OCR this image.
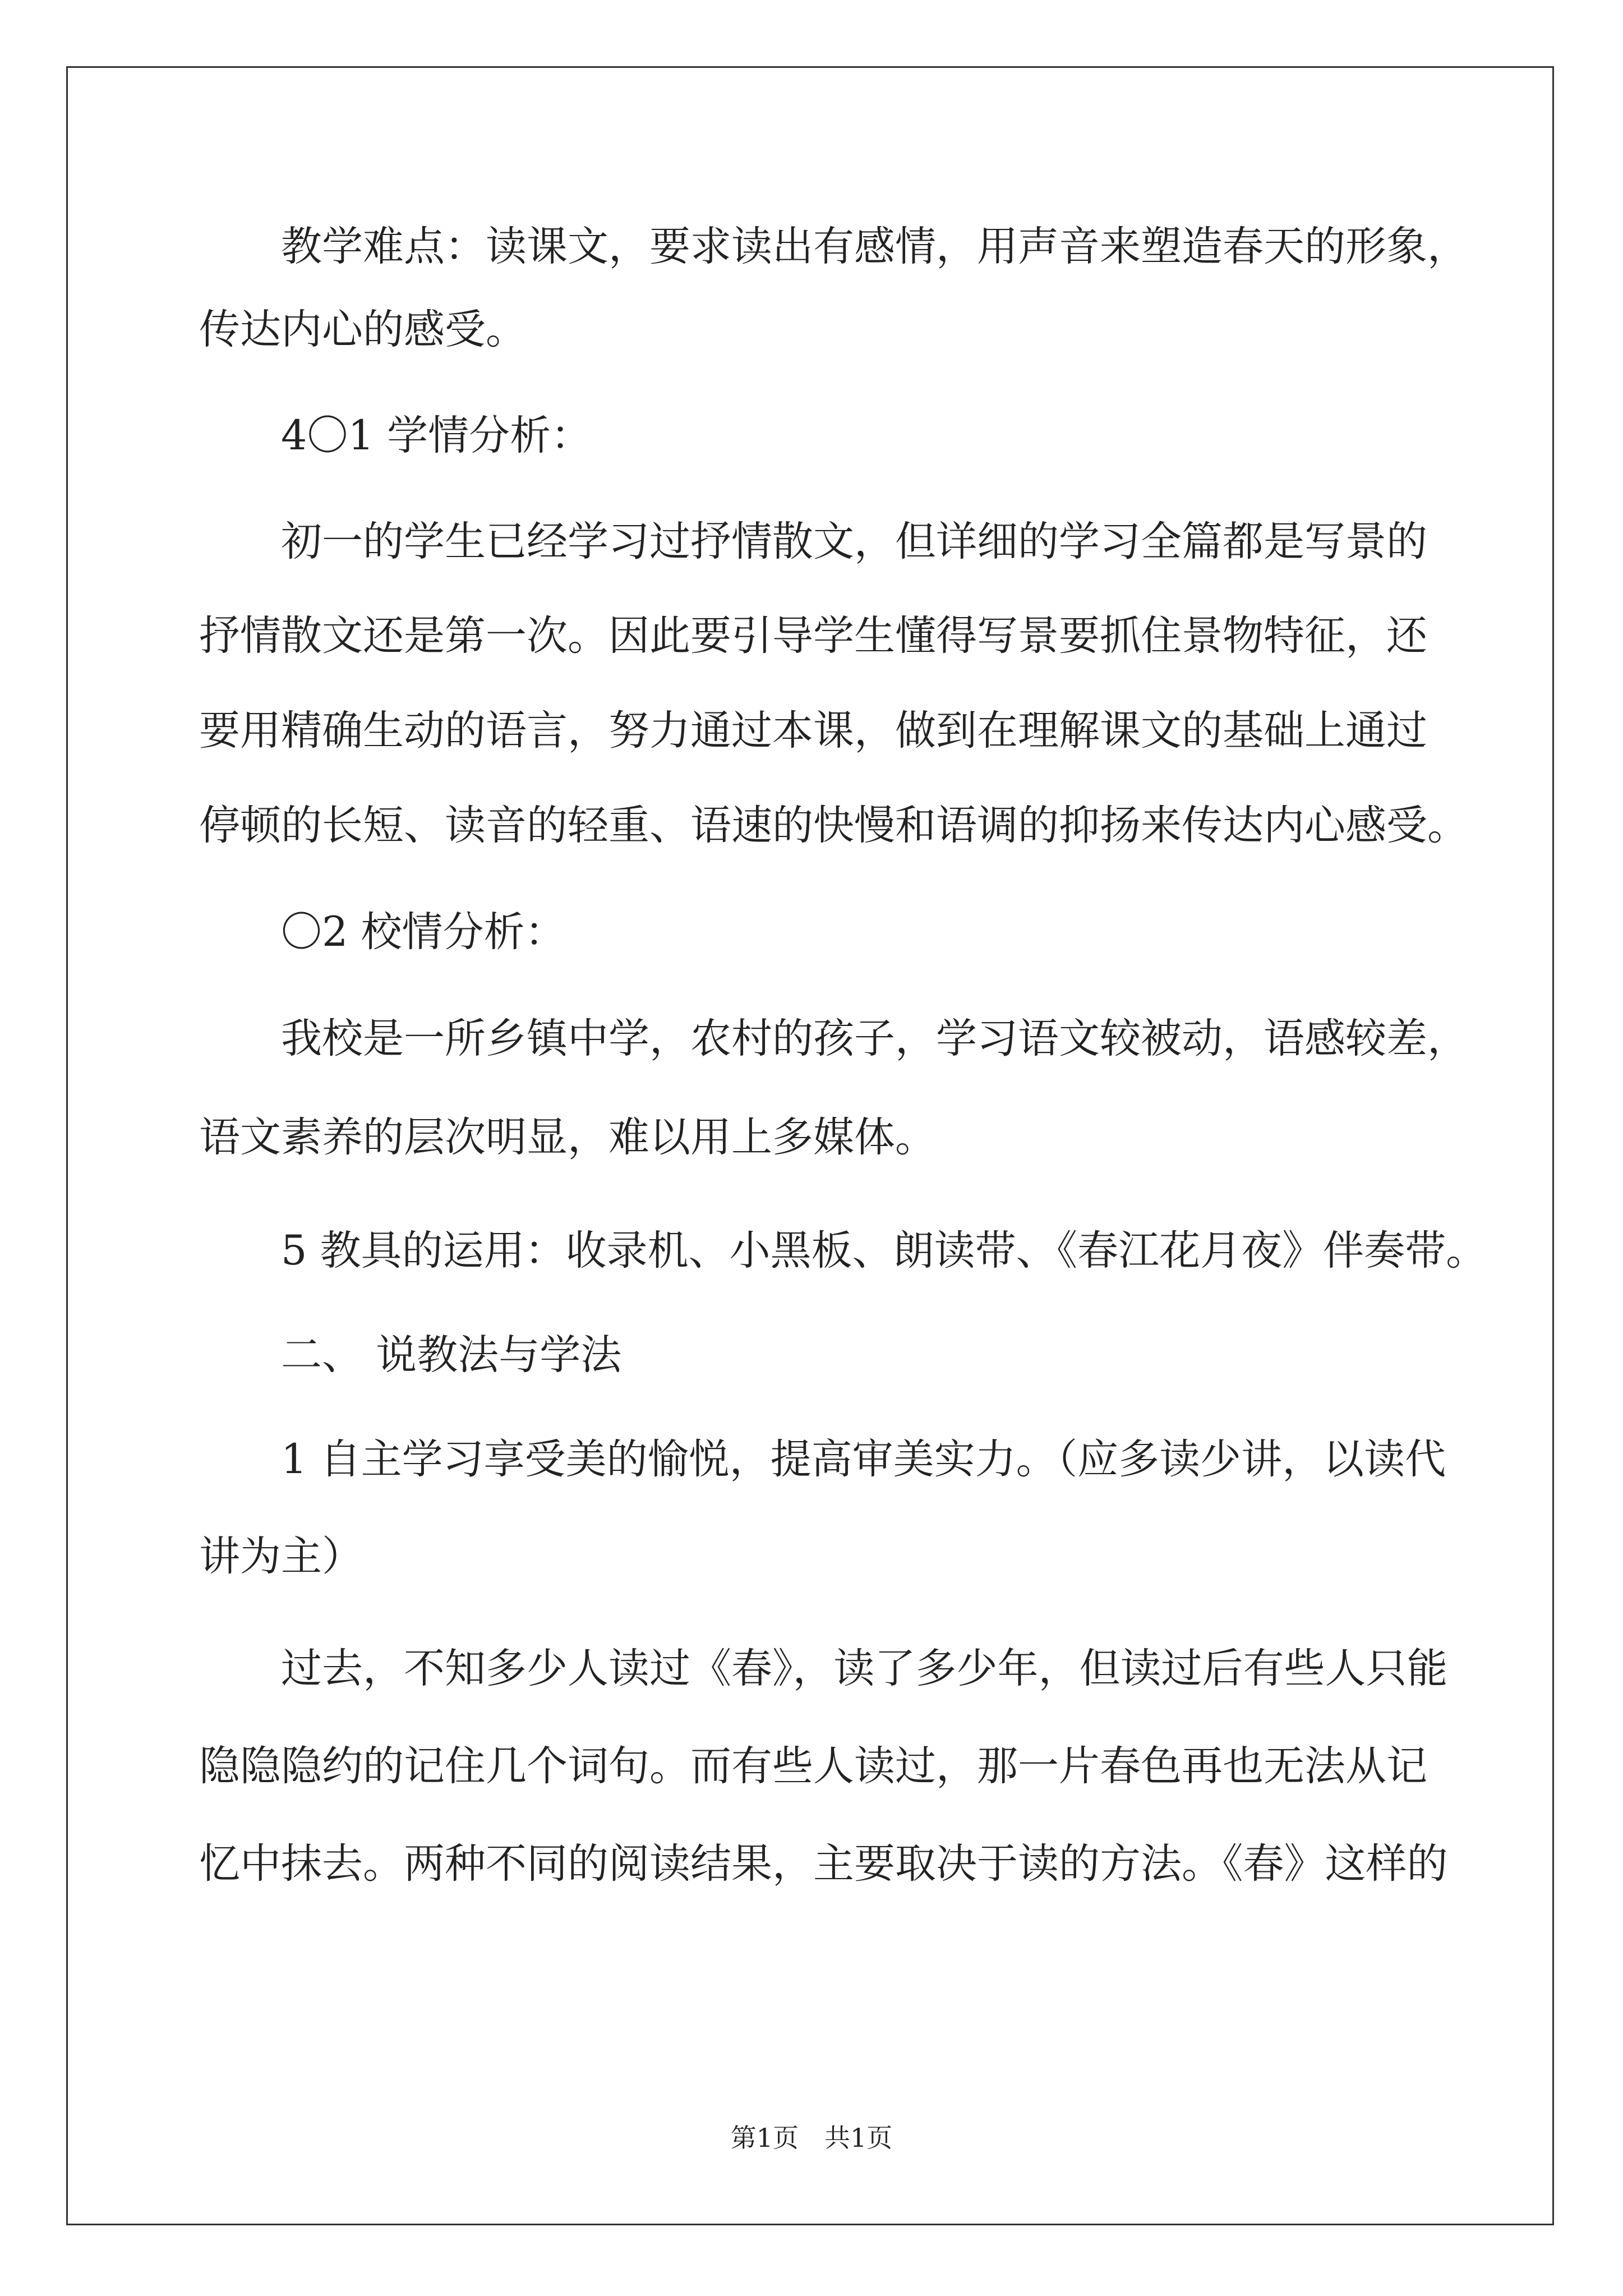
教学难点：读课文，要求读出有感情，用声音来塑造春天的形象，
传达内心的感受。
4〇1 学情分析：
初一的学生已经学习过抒情散文，但详细的学习全篇都是写景的
抒情散文还是第一次。因此要引导学生懂得写景要抓住景物特征，还
要用精确生动的语言，努力通过本课，做到在理解课文的基础上通过
停顿的长短、读音的轻重、语速的快慢和语调的抑扬来传达内心感受。
〇2 校情分析：
我校是一所乡镇中学，农村的孩子，学习语文较被动，语感较差，
语文素养的层次明显，难以用上多媒体。
5 教具的运用：收录机、小黑板、朗读带、《春江花月夜》伴奏带。
二、 说教法与学法
1 自主学习享受美的愉悦，提高审美实力。（应多读少讲，以读代
讲为主）
过去，不知多少人读过《春》，读了多少年，但读过后有些人只能
隐隐隐约的记住几个词句。而有些人读过，那一片春色再也无法从记
忆中抹去。两种不同的阅读结果，主要取决于读的方法。《春》这样的
第1页　共1页
